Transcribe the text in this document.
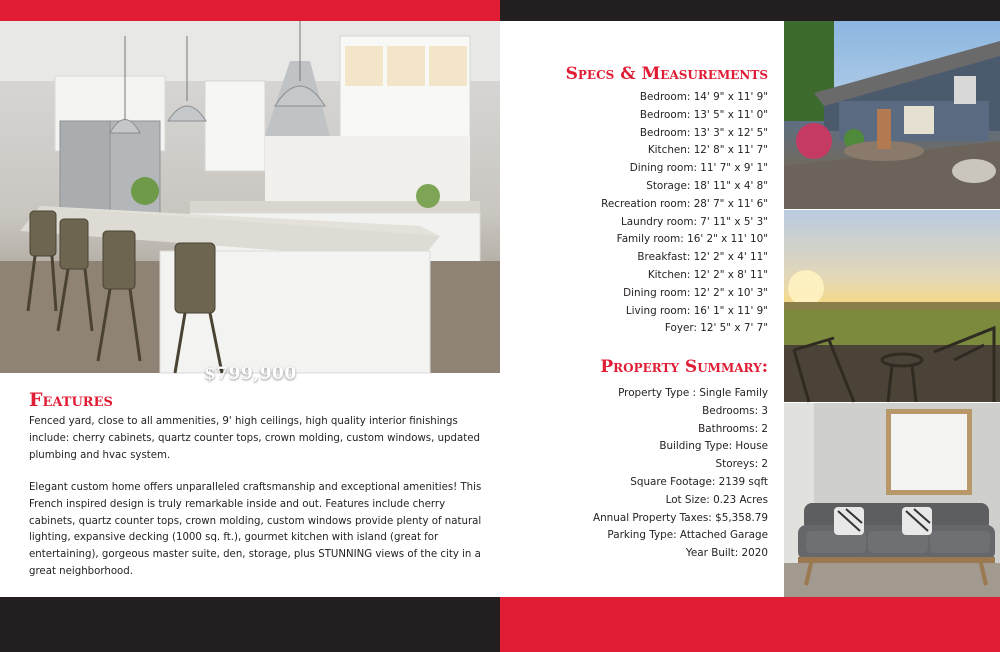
$799,900
Features

Fenced yard, close to all ammenities, 9' high ceilings, high quality interior finishings include: cherry cabinets, quartz counter tops, crown molding, custom windows, updated plumbing and hvac system.

Elegant custom home offers unparalleled craftsmanship and exceptional amenities! This French inspired design is truly remarkable inside and out. Features include cherry cabinets, quartz counter tops, crown molding, custom windows provide plenty of natural lighting, expansive decking (1000 sq. ft.), gourmet kitchen with island (great for entertaining), gorgeous master suite, den, storage, plus STUNNING views of the city in a great neighborhood.

Specs & Measurements
Bedroom: 14' 9" x 11' 9"
Bedroom: 13' 5" x 11' 0"
Bedroom: 13' 3" x 12' 5"
Kitchen: 12' 8" x 11' 7"
Dining room: 11' 7" x 9' 1"
Storage: 18' 11" x 4' 8"
Recreation room: 28' 7" x 11' 6"
Laundry room: 7' 11" x 5' 3"
Family room: 16' 2" x 11' 10"
Breakfast: 12' 2" x 4' 11"
Kitchen: 12' 2" x 8' 11"
Dining room: 12' 2" x 10' 3"
Living room: 16' 1" x 11' 9"
Foyer: 12' 5" x 7' 7"
Property Summary:
Property Type : Single Family
Bedrooms: 3
Bathrooms: 2
Building Type: House
Storeys: 2
Square Footage: 2139 sqft
Lot Size: 0.23 Acres
Annual Property Taxes: $5,358.79
Parking Type: Attached Garage
Year Built: 2020
